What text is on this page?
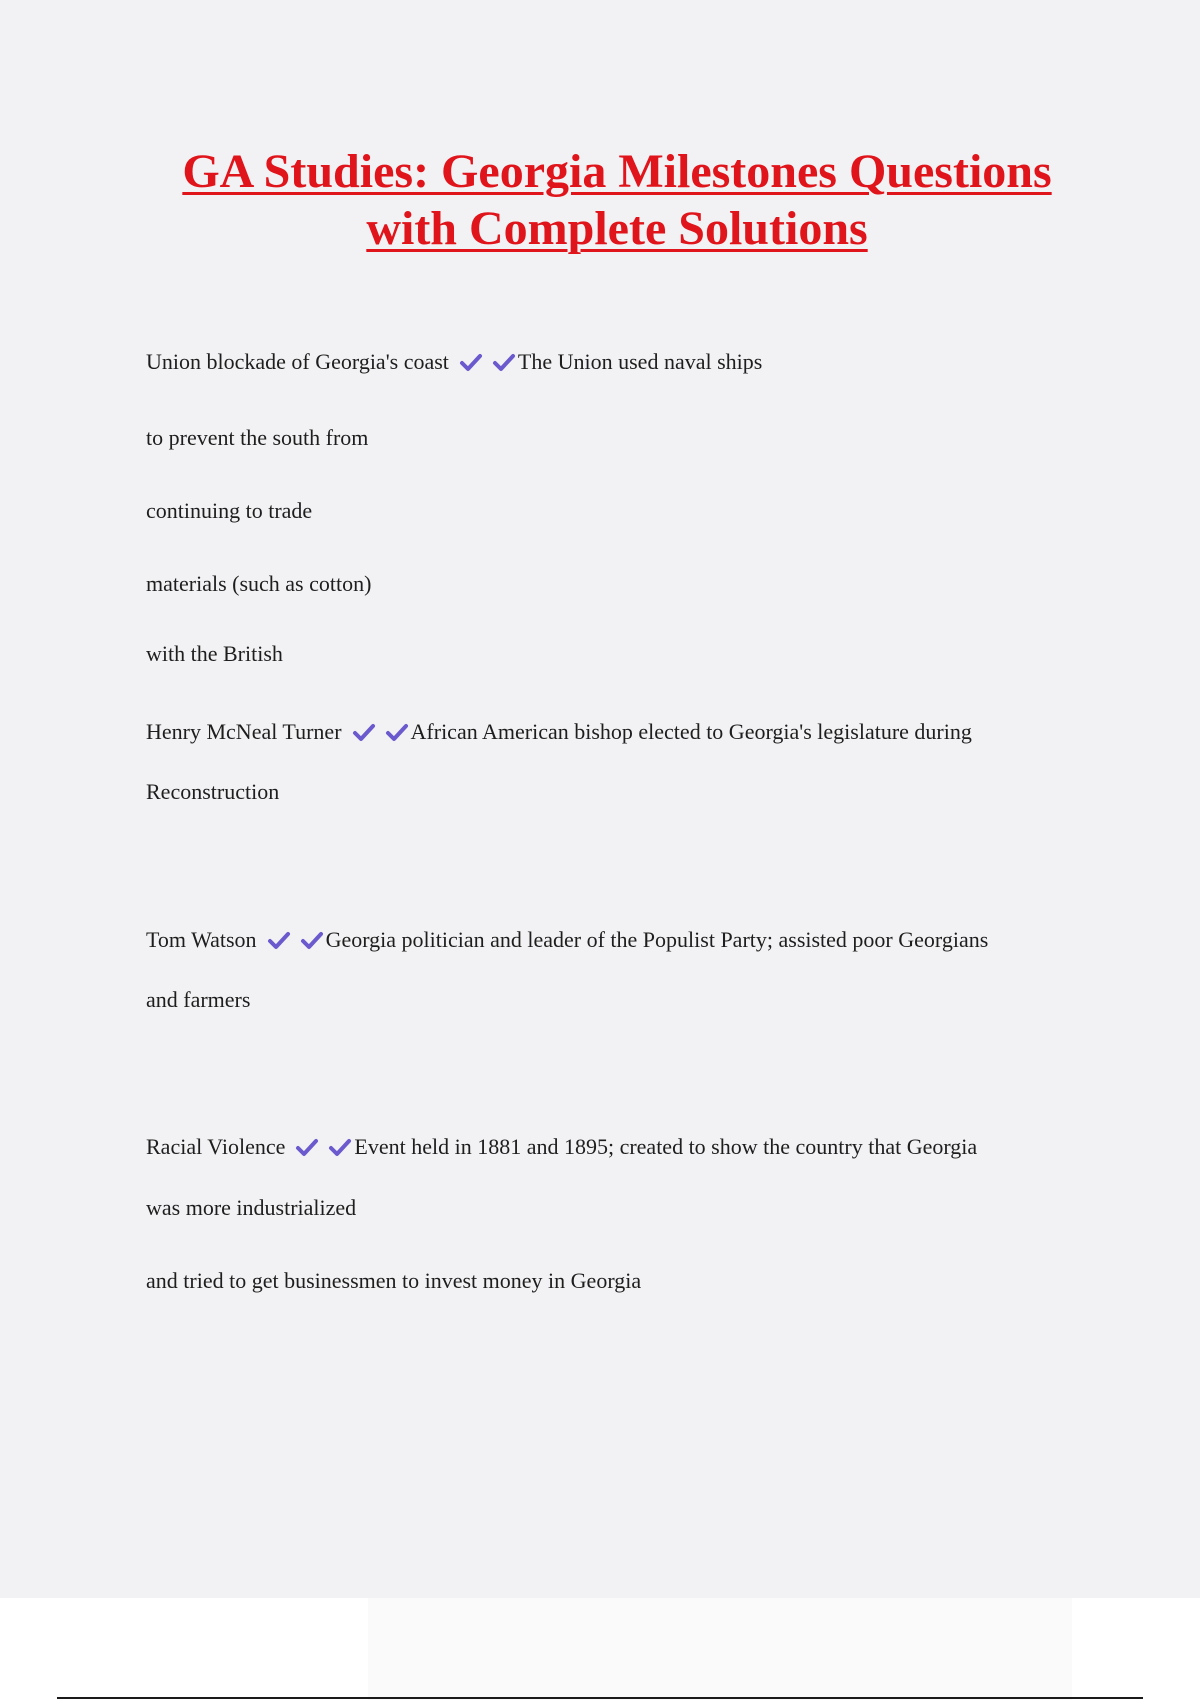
GA Studies: Georgia Milestones Questions
with Complete Solutions

Union blockade of Georgia's coast	The Union used naval ships

to prevent the south from

continuing to trade

materials (such as cotton)

with the British

Henry McNeal Turner	African American bishop elected to Georgia's legislature during

Reconstruction

Tom Watson	Georgia politician and leader of the Populist Party; assisted poor Georgians

and farmers

Racial Violence	Event held in 1881 and 1895; created to show the country that Georgia

was more industrialized

and tried to get businessmen to invest money in Georgia
